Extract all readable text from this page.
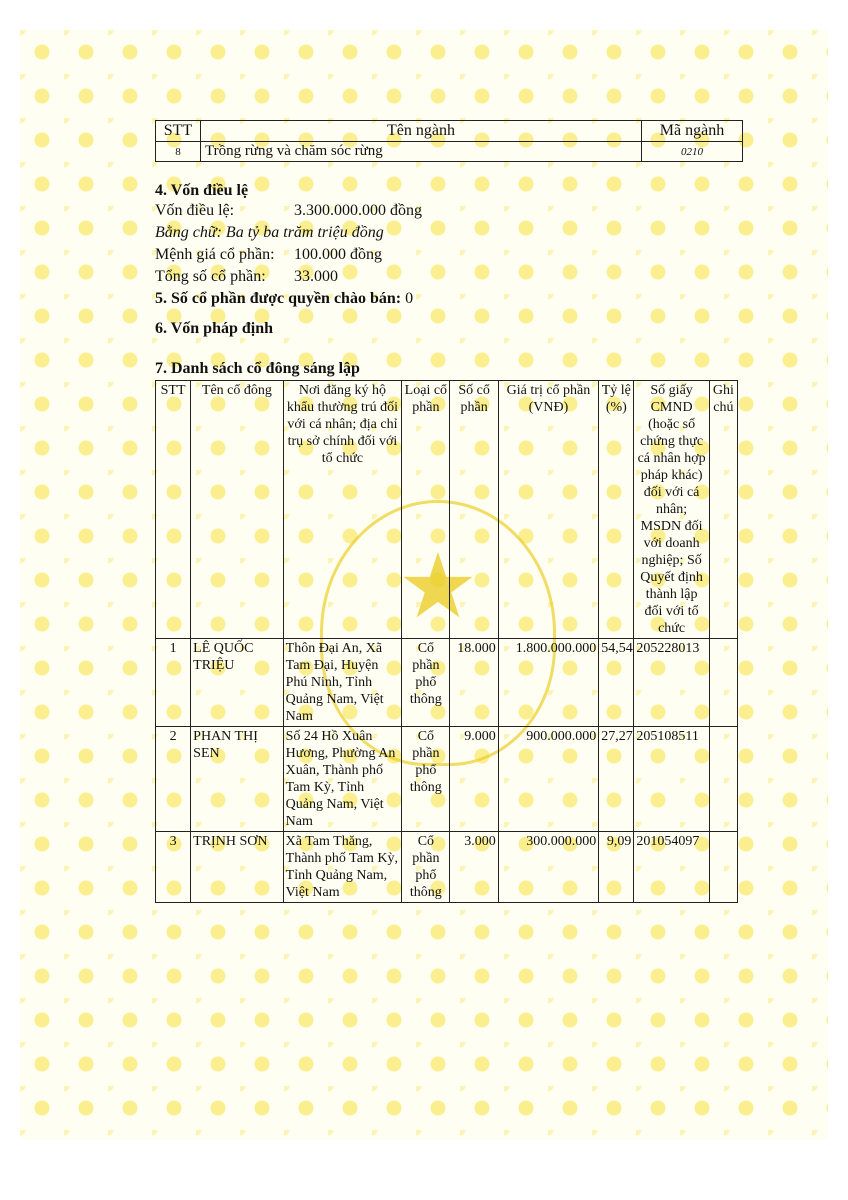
★
STT	Tên ngành	Mã ngành
8	Trồng rừng và chăm sóc rừng	0210
4. Vốn điều lệ
Vốn điều lệ:	3.300.000.000 đồng
Bằng chữ: Ba tỷ ba trăm triệu đồng
Mệnh giá cổ phần: 100.000 đồng
Tổng số cổ phần: 33.000
5. Số cổ phần được quyền chào bán: 0
6. Vốn pháp định
7. Danh sách cổ đông sáng lập
STT	Tên cổ đông	Nơi đăng ký hộ khẩu thường trú đối với cá nhân; địa chỉ trụ sở chính đối với tổ chức	Loại cổ phần	Số cổ phần	Giá trị cổ phần (VNĐ)	Tỷ lệ (%)	Số giấy CMND (hoặc số chứng thực cá nhân hợp pháp khác) đối với cá nhân; MSDN đối với doanh nghiệp; Số Quyết định thành lập đối với tổ chức	Ghi chú
1	LÊ QUỐC TRIỆU	Thôn Đại An, Xã Tam Đại, Huyện Phú Ninh, Tỉnh Quảng Nam, Việt Nam	Cổ phần phổ thông	18.000	1.800.000.000	54,54	205228013	
2	PHAN THỊ SEN	Số 24 Hồ Xuân Hương, Phường An Xuân, Thành phố Tam Kỳ, Tỉnh Quảng Nam, Việt Nam	Cổ phần phổ thông	9.000	900.000.000	27,27	205108511	
3	TRỊNH SƠN	Xã Tam Thăng, Thành phố Tam Kỳ, Tỉnh Quảng Nam, Việt Nam	Cổ phần phổ thông	3.000	300.000.000	9,09	201054097	
